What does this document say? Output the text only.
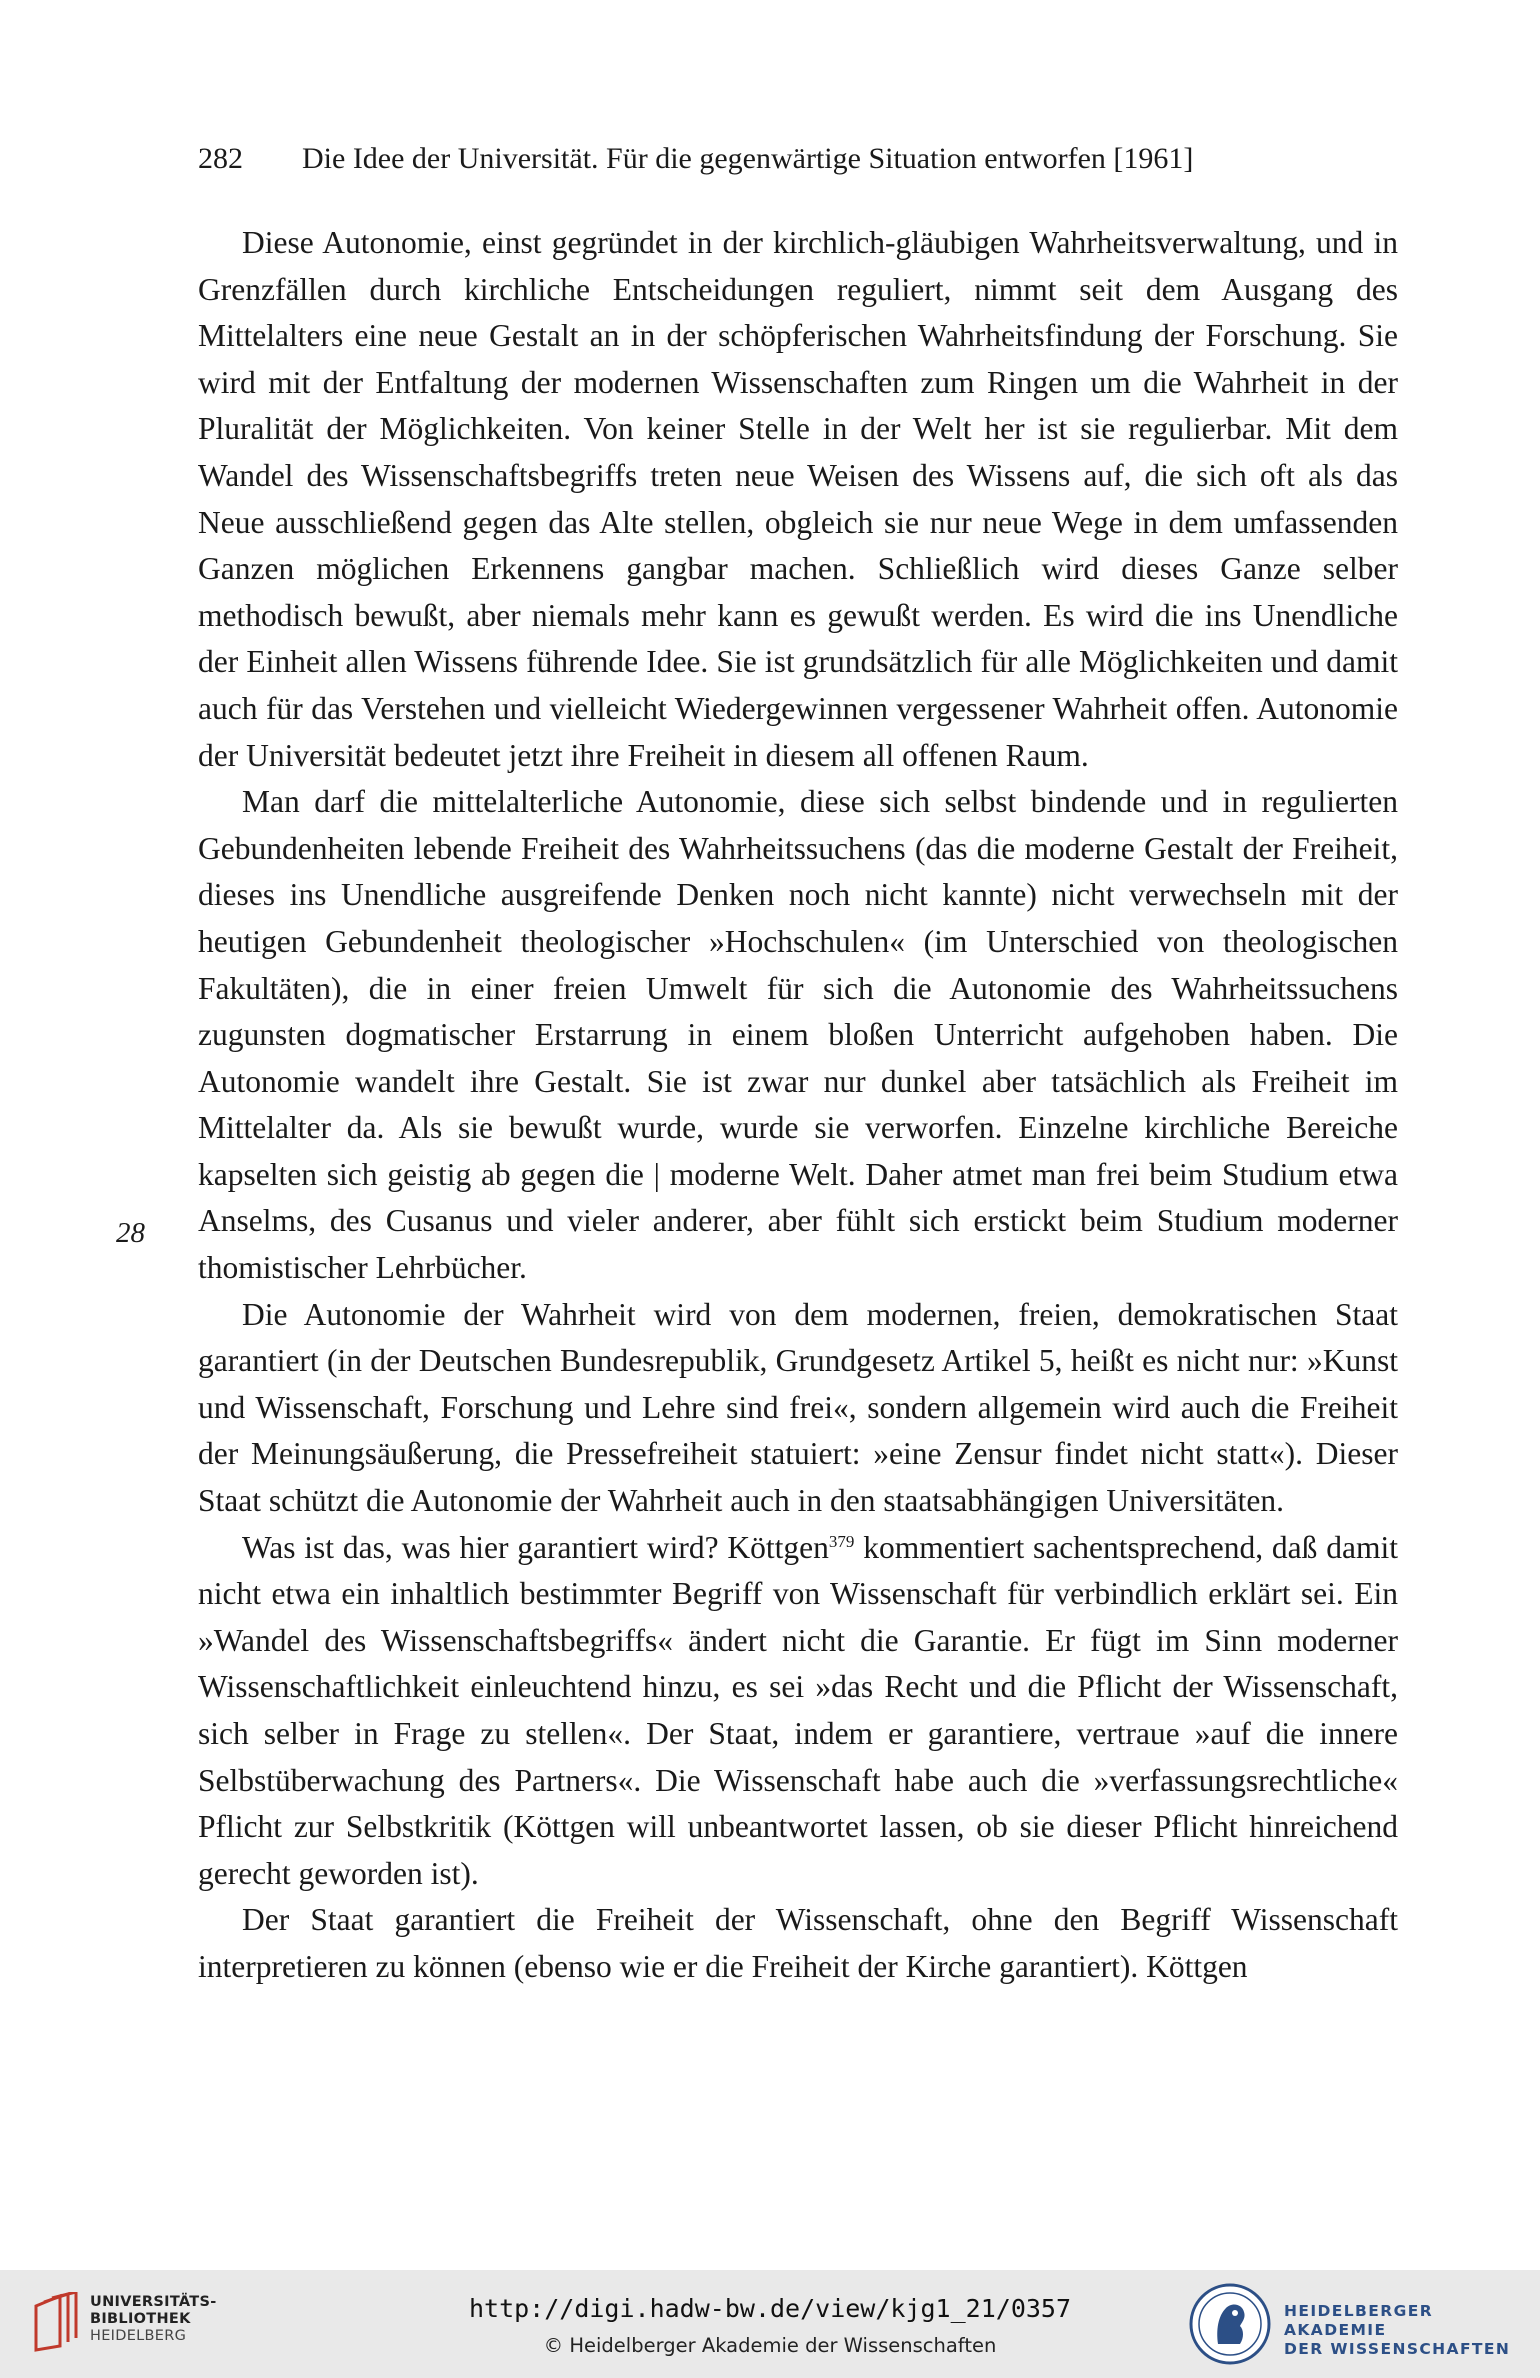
282 Die Idee der Universität. Für die gegenwärtige Situation entworfen [1961]
28

Diese Autonomie, einst gegründet in der kirchlich-gläubigen Wahrheitsverwaltung, und in Grenzfällen durch kirchliche Entscheidungen reguliert, nimmt seit dem Ausgang des Mittelalters eine neue Gestalt an in der schöpferischen Wahrheitsfindung der Forschung. Sie wird mit der Entfaltung der modernen Wissenschaften zum Ringen um die Wahrheit in der Pluralität der Möglichkeiten. Von keiner Stelle in der Welt her ist sie regulierbar. Mit dem Wandel des Wissenschaftsbegriffs treten neue Weisen des Wissens auf, die sich oft als das Neue ausschließend gegen das Alte stellen, obgleich sie nur neue Wege in dem umfassenden Ganzen möglichen Erkennens gangbar machen. Schließlich wird dieses Ganze selber methodisch bewußt, aber niemals mehr kann es gewußt werden. Es wird die ins Unendliche der Einheit allen Wissens führende Idee. Sie ist grundsätzlich für alle Möglichkeiten und damit auch für das Verstehen und vielleicht Wiedergewinnen vergessener Wahrheit offen. Autonomie der Universität bedeutet jetzt ihre Freiheit in diesem all offenen Raum.

Man darf die mittelalterliche Autonomie, diese sich selbst bindende und in regulierten Gebundenheiten lebende Freiheit des Wahrheitssuchens (das die moderne Gestalt der Freiheit, dieses ins Unendliche ausgreifende Denken noch nicht kannte) nicht verwechseln mit der heutigen Gebundenheit theologischer »Hochschulen« (im Unterschied von theologischen Fakultäten), die in einer freien Umwelt für sich die Autonomie des Wahrheitssuchens zugunsten dogmatischer Erstarrung in einem bloßen Unterricht aufgehoben haben. Die Autonomie wandelt ihre Gestalt. Sie ist zwar nur dunkel aber tatsächlich als Freiheit im Mittelalter da. Als sie bewußt wurde, wurde sie verworfen. Einzelne kirchliche Bereiche kapselten sich geistig ab gegen die | moderne Welt. Daher atmet man frei beim Studium etwa Anselms, des Cusanus und vieler anderer, aber fühlt sich erstickt beim Studium moderner thomistischer Lehrbücher.

Die Autonomie der Wahrheit wird von dem modernen, freien, demokratischen Staat garantiert (in der Deutschen Bundesrepublik, Grundgesetz Artikel 5, heißt es nicht nur: »Kunst und Wissenschaft, Forschung und Lehre sind frei«, sondern allgemein wird auch die Freiheit der Meinungsäußerung, die Pressefreiheit statuiert: »eine Zensur findet nicht statt«). Dieser Staat schützt die Autonomie der Wahrheit auch in den staatsabhängigen Universitäten.

Was ist das, was hier garantiert wird? Köttgen$^{379}$ kommentiert sachentsprechend, daß damit nicht etwa ein inhaltlich bestimmter Begriff von Wissenschaft für verbindlich erklärt sei. Ein »Wandel des Wissenschaftsbegriffs« ändert nicht die Garantie. Er fügt im Sinn moderner Wissenschaftlichkeit einleuchtend hinzu, es sei »das Recht und die Pflicht der Wissenschaft, sich selber in Frage zu stellen«. Der Staat, indem er garantiere, vertraue »auf die innere Selbstüberwachung des Partners«. Die Wissenschaft habe auch die »verfassungsrechtliche« Pflicht zur Selbstkritik (Köttgen will unbeantwortet lassen, ob sie dieser Pflicht hinreichend gerecht geworden ist).

Der Staat garantiert die Freiheit der Wissenschaft, ohne den Begriff Wissenschaft interpretieren zu können (ebenso wie er die Freiheit der Kirche garantiert). Köttgen

UNIVERSITÄTS-
BIBLIOTHEK
HEIDELBERG
http://digi.hadw-bw.de/view/kjg1_21/0357
© Heidelberger Akademie der Wissenschaften
HEIDELBERGER AKADEMIE
DER WISSENSCHAFTEN
